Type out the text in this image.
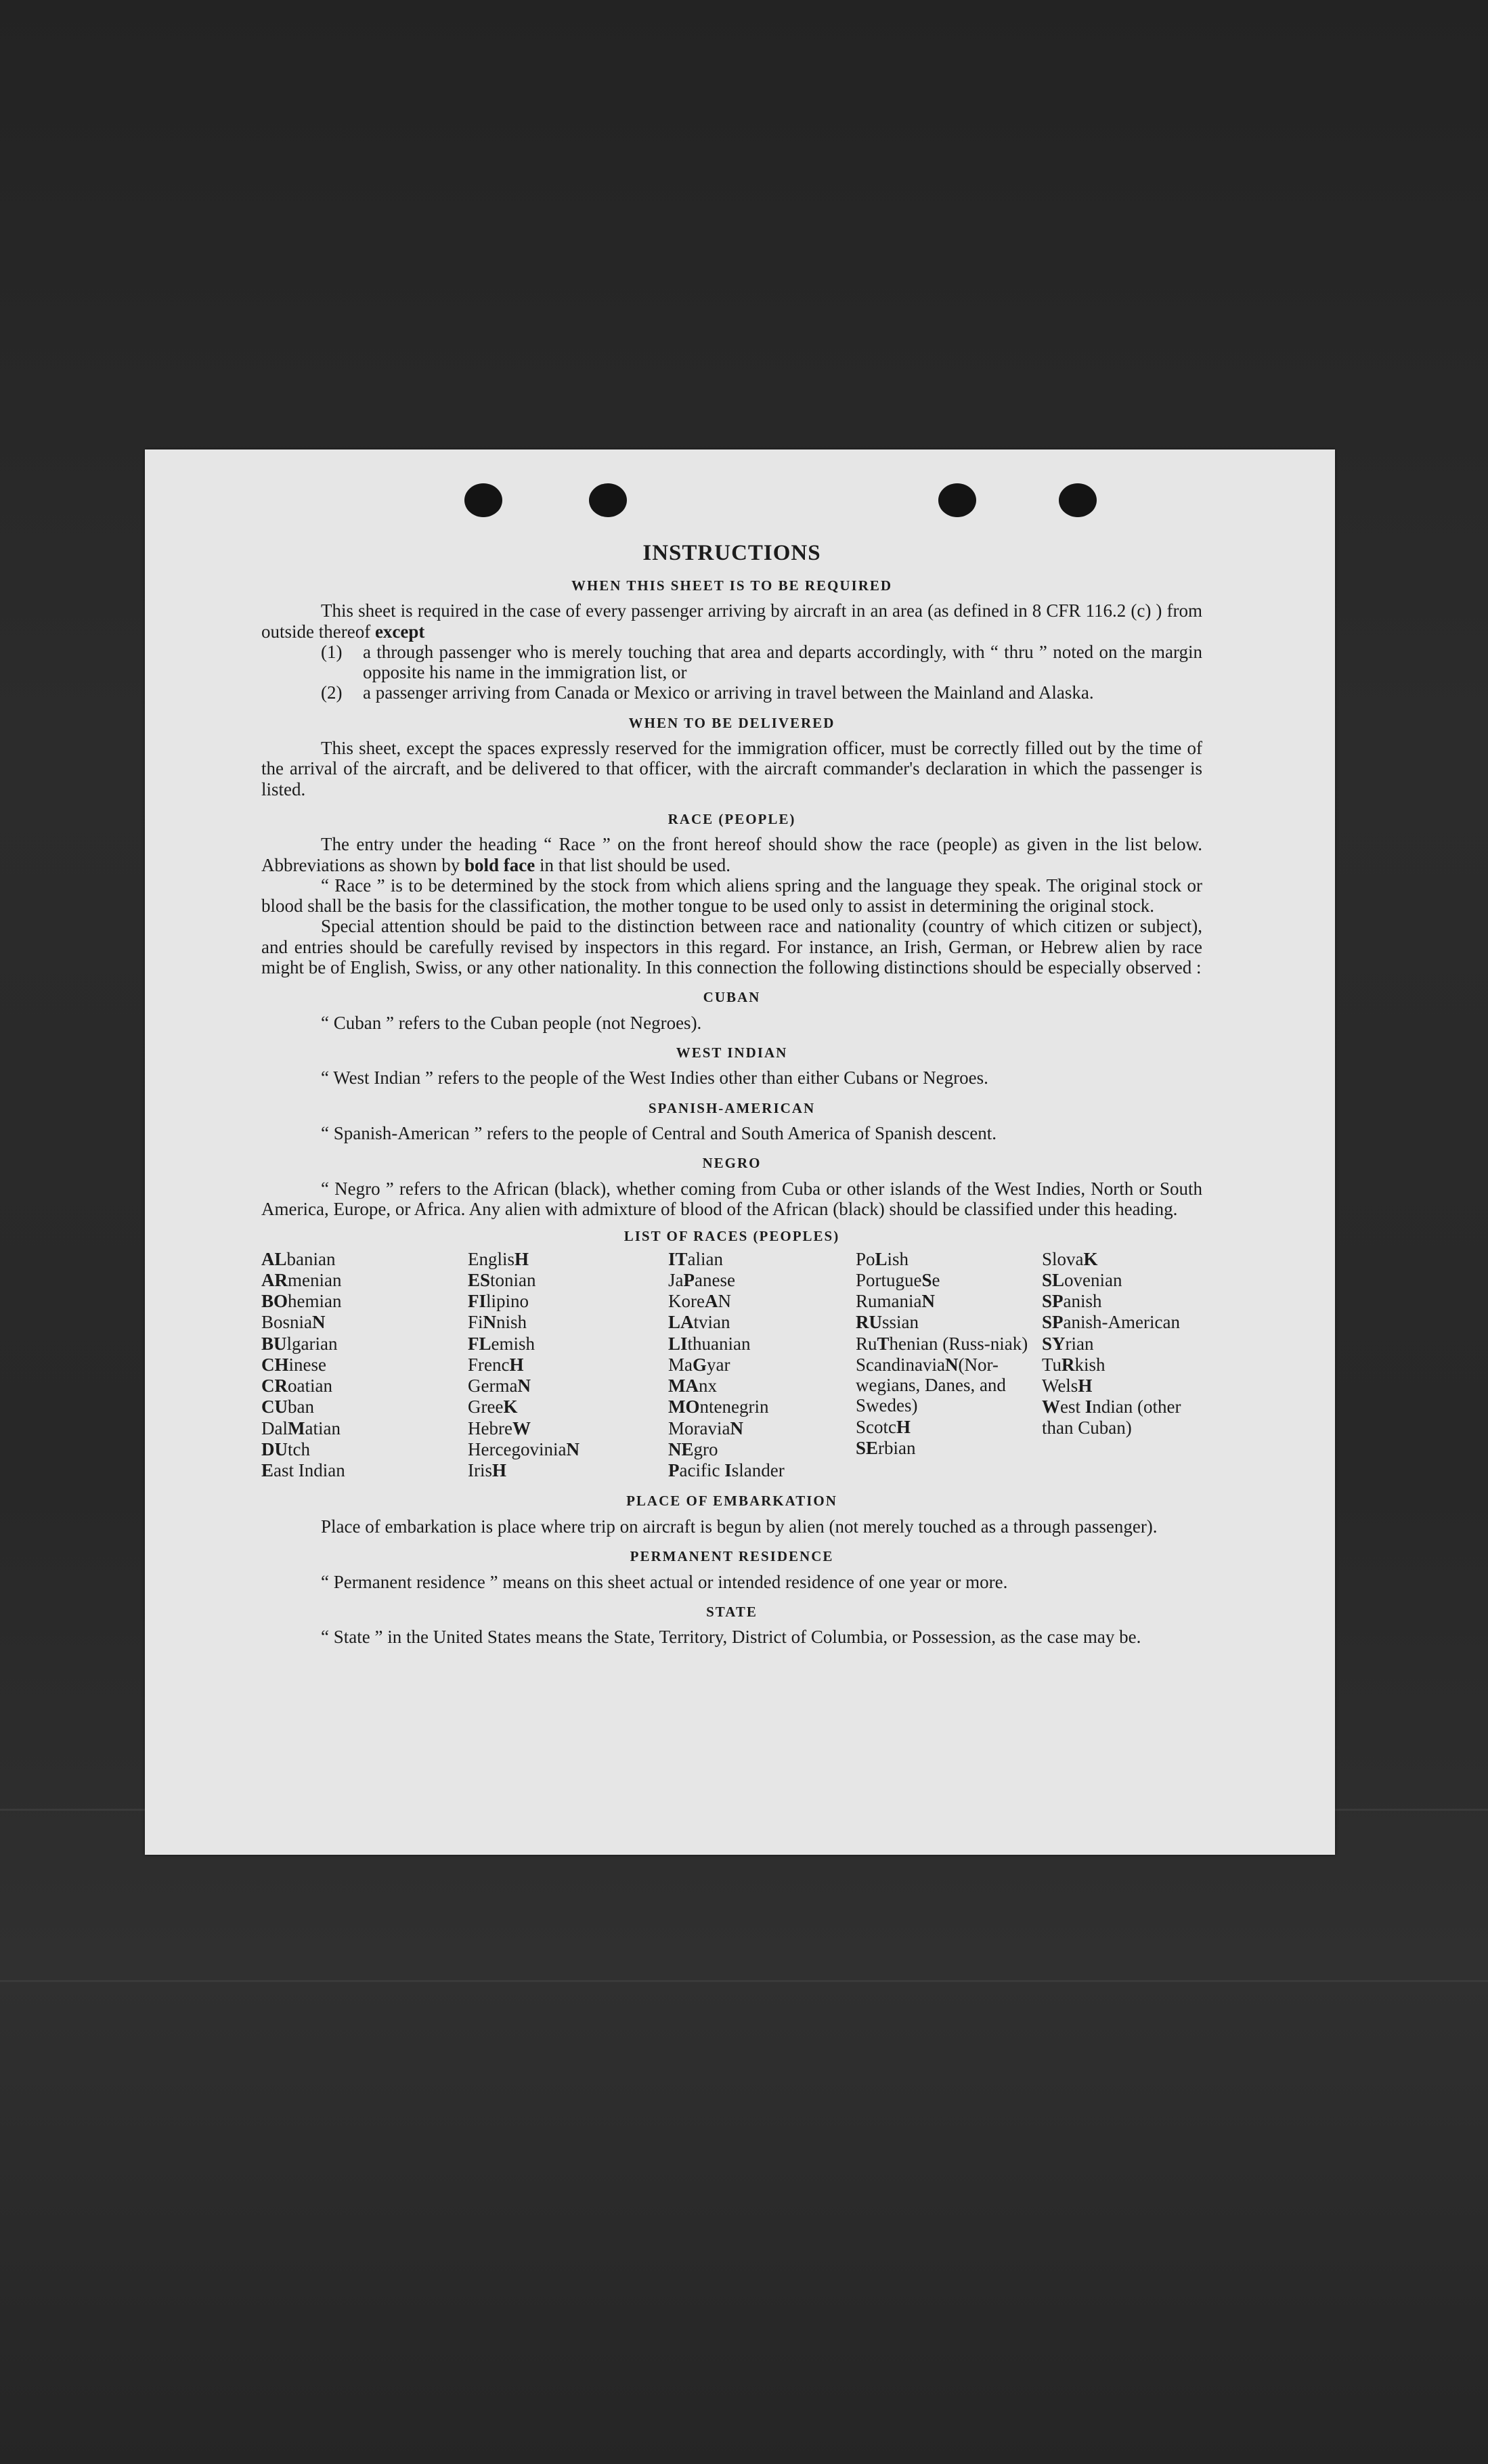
INSTRUCTIONS
WHEN THIS SHEET IS TO BE REQUIRED

This sheet is required in the case of every passenger arriving by aircraft in an area (as defined in 8 CFR 116.2 (c) ) from outside thereof except

(1)	a through passenger who is merely touching that area and departs accordingly, with “ thru ” noted on the margin opposite his name in the immigration list, or
(2)	a passenger arriving from Canada or Mexico or arriving in travel between the Mainland and Alaska.
WHEN TO BE DELIVERED

This sheet, except the spaces expressly reserved for the immigration officer, must be correctly filled out by the time of the arrival of the aircraft, and be delivered to that officer, with the aircraft commander's declaration in which the passenger is listed.

RACE (PEOPLE)

The entry under the heading “ Race ” on the front hereof should show the race (people) as given in the list below. Abbreviations as shown by bold face in that list should be used.

“ Race ” is to be determined by the stock from which aliens spring and the language they speak. The original stock or blood shall be the basis for the classification, the mother tongue to be used only to assist in determining the original stock.

Special attention should be paid to the distinction between race and nationality (country of which citizen or subject), and entries should be carefully revised by inspectors in this regard. For instance, an Irish, German, or Hebrew alien by race might be of English, Swiss, or any other nationality. In this connection the following distinctions should be especially observed :

CUBAN

“ Cuban ” refers to the Cuban people (not Negroes).

WEST INDIAN

“ West Indian ” refers to the people of the West Indies other than either Cubans or Negroes.

SPANISH-AMERICAN

“ Spanish-American ” refers to the people of Central and South America of Spanish descent.

NEGRO

“ Negro ” refers to the African (black), whether coming from Cuba or other islands of the West Indies, North or South America, Europe, or Africa. Any alien with admixture of blood of the African (black) should be classified under this heading.

LIST OF RACES (PEOPLES)
ALbanian
ARmenian
BOhemian
BosniaN
BUlgarian
CHinese
CRoatian
CUban
DalMatian
DUtch
East Indian
EnglisH
EStonian
FIlipino
FiNnish
FLemish
FrencH
GermaN
GreeK
HebreW
HercegoviniaN
IrisH
ITalian
JaPanese
KoreAN
LAtvian
LIthuanian
MaGyar
MAnx
MOntenegrin
MoraviaN
NEgro
Pacific Islander
PoLish
PortugueSe
RumaniaN
RUssian
RuThenian (Russ-niak)
ScandinaviaN(Nor-wegians, Danes, and Swedes)
ScotcH
SErbian
SlovaK
SLovenian
SPanish
SPanish-American
SYrian
TuRkish
WelsH
West Indian (other than Cuban)
PLACE OF EMBARKATION

Place of embarkation is place where trip on aircraft is begun by alien (not merely touched as a through passenger).

PERMANENT RESIDENCE

“ Permanent residence ” means on this sheet actual or intended residence of one year or more.

STATE

“ State ” in the United States means the State, Territory, District of Columbia, or Possession, as the case may be.
